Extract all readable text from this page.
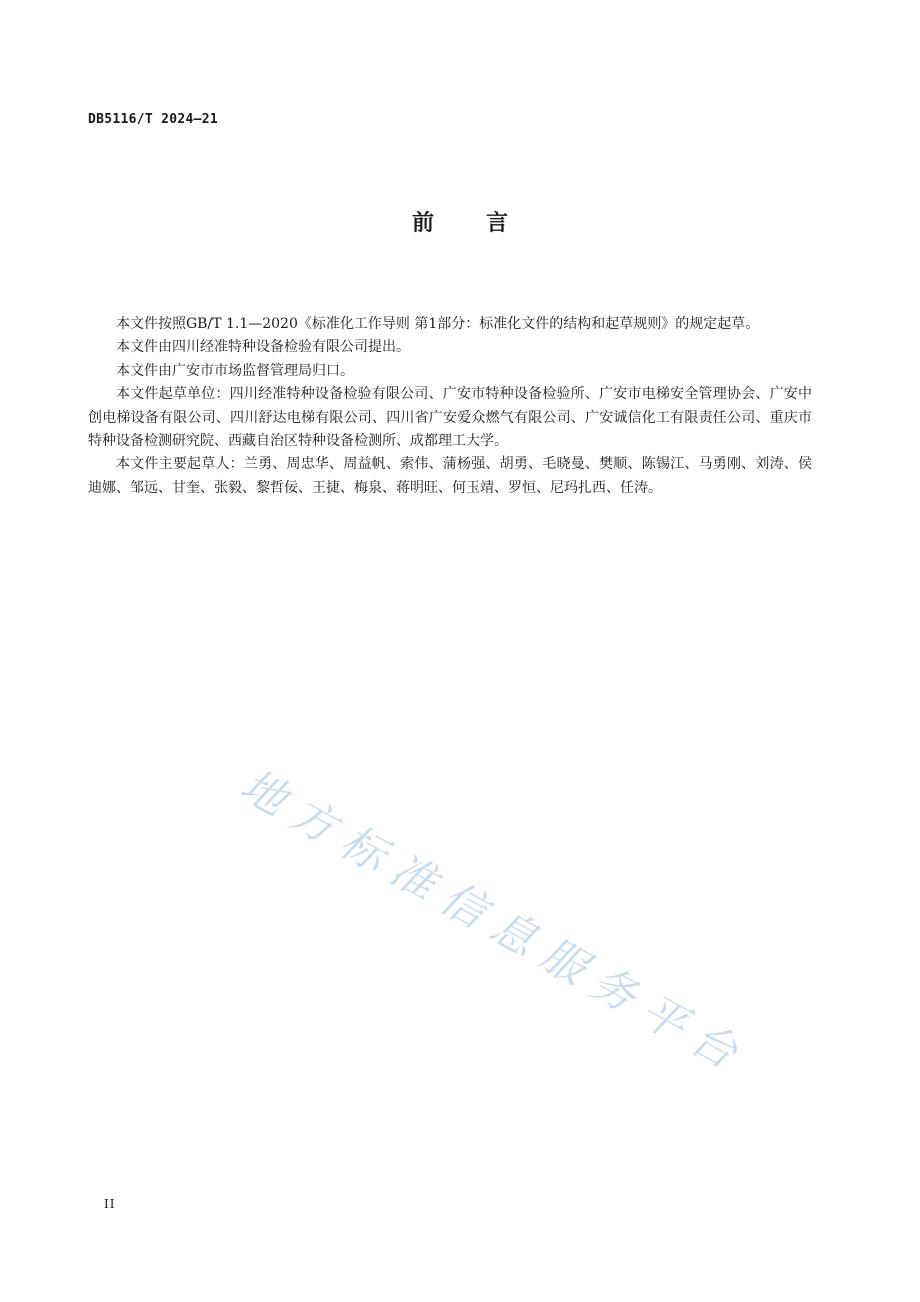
DB5116/T 2024—21
前言

本文件按照GB/T 1.1—2020《标准化工作导则 第1部分：标准化文件的结构和起草规则》的规定起草。

本文件由四川经准特种设备检验有限公司提出。

本文件由广安市市场监督管理局归口。

本文件起草单位：四川经准特种设备检验有限公司、广安市特种设备检验所、广安市电梯安全管理协会、广安中创电梯设备有限公司、四川舒达电梯有限公司、四川省广安爱众燃气有限公司、广安诚信化工有限责任公司、重庆市特种设备检测研究院、西藏自治区特种设备检测所、成都理工大学。

本文件主要起草人：兰勇、周忠华、周益帆、索伟、蒲杨强、胡勇、毛晓曼、樊顺、陈锡江、马勇刚、刘涛、侯迪娜、邹远、甘奎、张毅、黎哲佞、王捷、梅泉、蒋明旺、何玉靖、罗恒、尼玛扎西、任涛。

地
方
标
准
信
息
服
务
平
台
II
